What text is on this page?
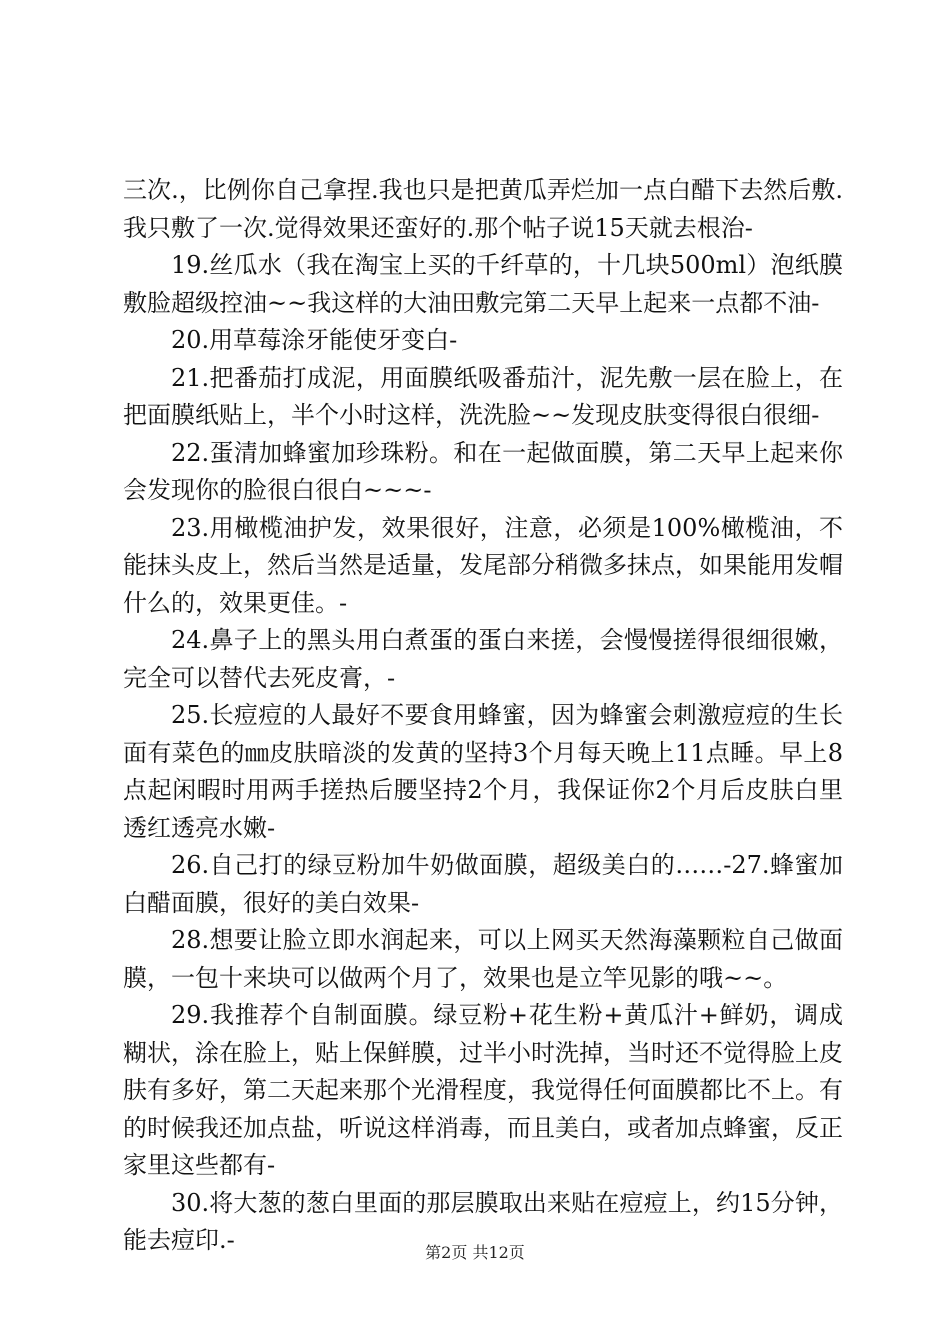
三次.，比例你自己拿捏.我也只是把黄瓜弄烂加一点白醋下去然后敷.我只敷了一次.觉得效果还蛮好的.那个帖子说15天就去根治-

19.丝瓜水（我在淘宝上买的千纤草的，十几块500ml）泡纸膜敷脸超级控油~~我这样的大油田敷完第二天早上起来一点都不油-

20.用草莓涂牙能使牙变白-

21.把番茄打成泥，用面膜纸吸番茄汁，泥先敷一层在脸上，在把面膜纸贴上，半个小时这样，洗洗脸~~发现皮肤变得很白很细-

22.蛋清加蜂蜜加珍珠粉。和在一起做面膜，第二天早上起来你会发现你的脸很白很白~~~-

23.用橄榄油护发，效果很好，注意，必须是100%橄榄油，不能抹头皮上，然后当然是适量，发尾部分稍微多抹点，如果能用发帽什么的，效果更佳。-

24.鼻子上的黑头用白煮蛋的蛋白来搓，会慢慢搓得很细很嫩，完全可以替代去死皮膏，-

25.长痘痘的人最好不要食用蜂蜜，因为蜂蜜会刺激痘痘的生长面有菜色的㎜皮肤暗淡的发黄的坚持3个月每天晚上11点睡。早上8点起闲暇时用两手搓热后腰坚持2个月，我保证你2个月后皮肤白里透红透亮水嫩-

26.自己打的绿豆粉加牛奶做面膜，超级美白的……-27.蜂蜜加白醋面膜，很好的美白效果-

28.想要让脸立即水润起来，可以上网买天然海藻颗粒自己做面膜，一包十来块可以做两个月了，效果也是立竿见影的哦~~。

29.我推荐个自制面膜。绿豆粉+花生粉+黄瓜汁+鲜奶，调成糊状，涂在脸上，贴上保鲜膜，过半小时洗掉，当时还不觉得脸上皮肤有多好，第二天起来那个光滑程度，我觉得任何面膜都比不上。有的时候我还加点盐，听说这样消毒，而且美白，或者加点蜂蜜，反正家里这些都有-

30.将大葱的葱白里面的那层膜取出来贴在痘痘上，约15分钟，能去痘印.-	第2页 共12页
